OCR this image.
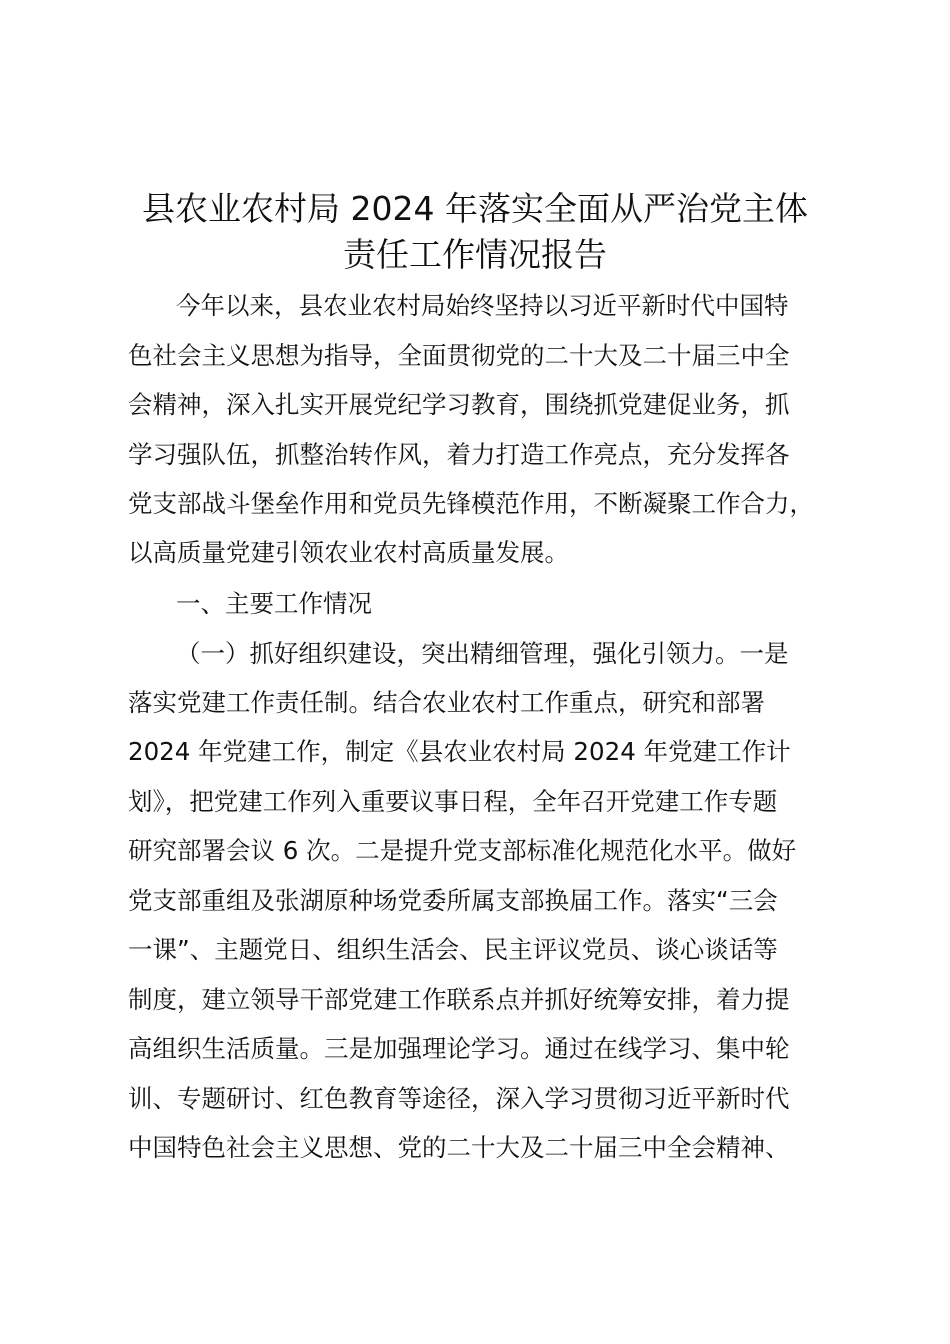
县农业农村局 2024 年落实全面从严治党主体
责任工作情况报告
今年以来，县农业农村局始终坚持以习近平新时代中国特
色社会主义思想为指导，全面贯彻党的二十大及二十届三中全
会精神，深入扎实开展党纪学习教育，围绕抓党建促业务，抓
学习强队伍，抓整治转作风，着力打造工作亮点，充分发挥各
党支部战斗堡垒作用和党员先锋模范作用，不断凝聚工作合力，
以高质量党建引领农业农村高质量发展。
一、主要工作情况
（一）抓好组织建设，突出精细管理，强化引领力。一是
落实党建工作责任制。结合农业农村工作重点，研究和部署
2024 年党建工作，制定《县农业农村局 2024 年党建工作计
划》，把党建工作列入重要议事日程，全年召开党建工作专题
研究部署会议 6 次。二是提升党支部标准化规范化水平。做好
党支部重组及张湖原种场党委所属支部换届工作。落实“三会
一课”、主题党日、组织生活会、民主评议党员、谈心谈话等
制度，建立领导干部党建工作联系点并抓好统筹安排，着力提
高组织生活质量。三是加强理论学习。通过在线学习、集中轮
训、专题研讨、红色教育等途径，深入学习贯彻习近平新时代
中国特色社会主义思想、党的二十大及二十届三中全会精神、
